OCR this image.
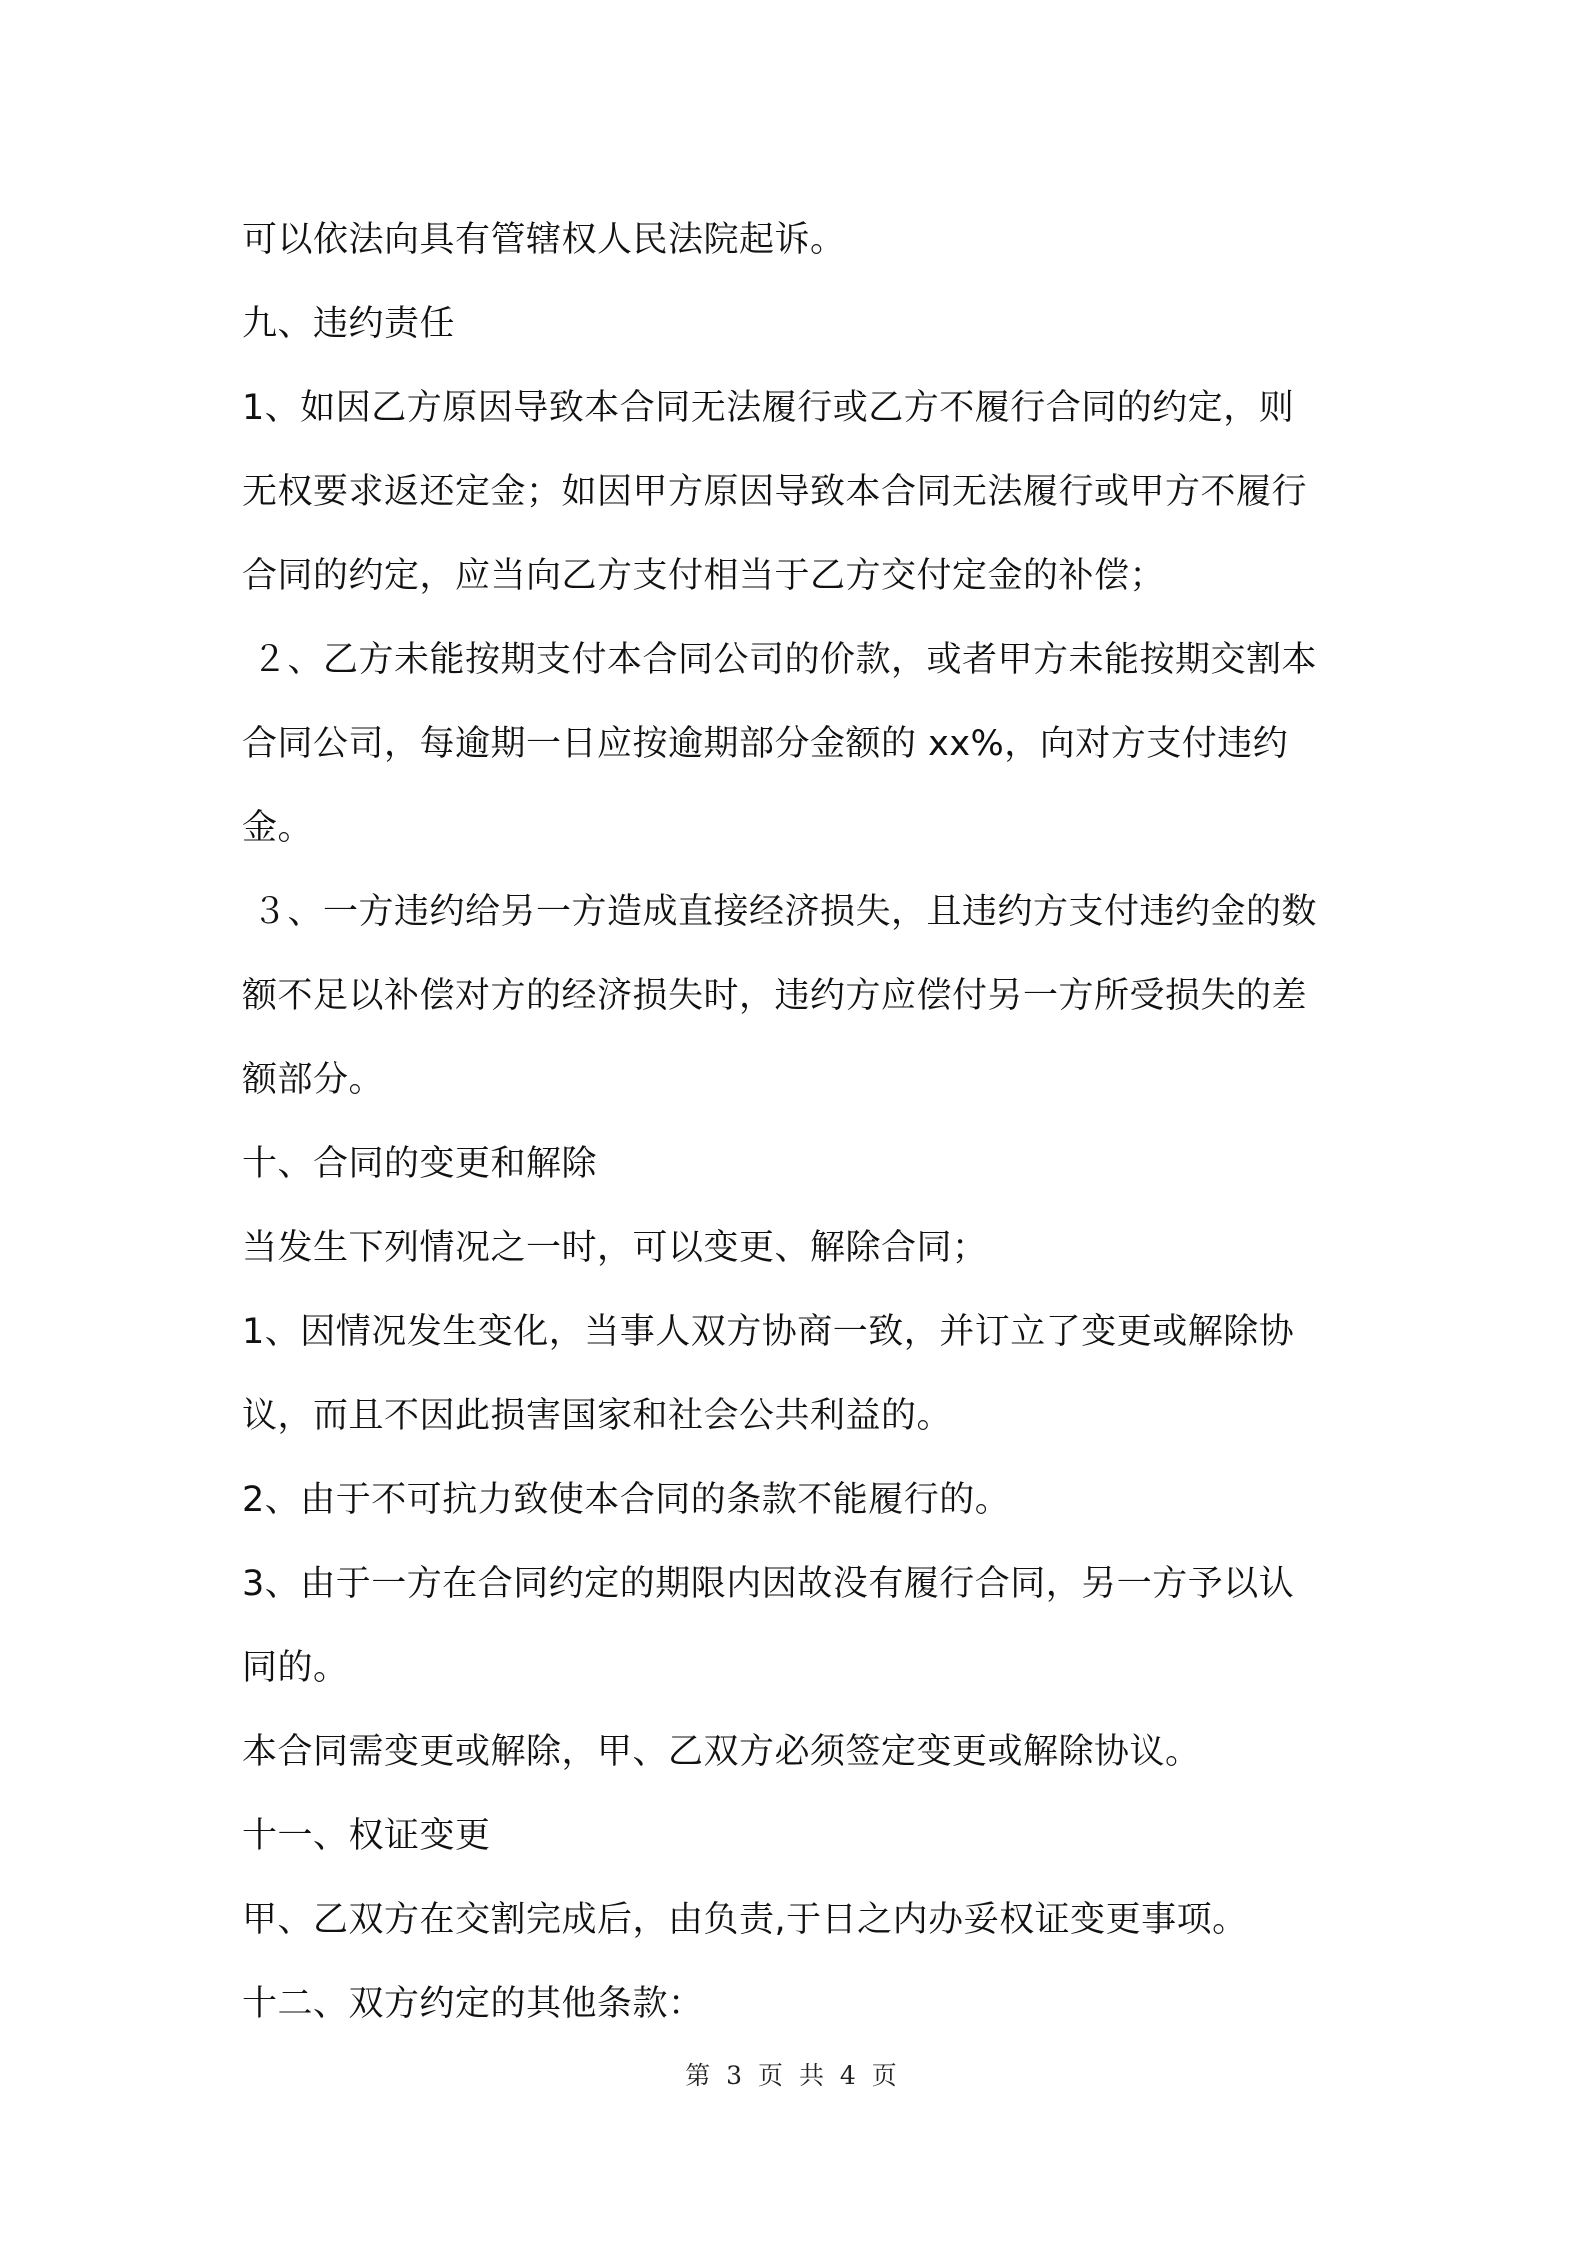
可以依法向具有管辖权人民法院起诉。
九、违约责任
1、如因乙方原因导致本合同无法履行或乙方不履行合同的约定，则
无权要求返还定金；如因甲方原因导致本合同无法履行或甲方不履行
合同的约定，应当向乙方支付相当于乙方交付定金的补偿；
２、乙方未能按期支付本合同公司的价款，或者甲方未能按期交割本
合同公司，每逾期一日应按逾期部分金额的 xx%，向对方支付违约
金。
３、一方违约给另一方造成直接经济损失，且违约方支付违约金的数
额不足以补偿对方的经济损失时，违约方应偿付另一方所受损失的差
额部分。
十、合同的变更和解除
当发生下列情况之一时，可以变更、解除合同；
1、因情况发生变化，当事人双方协商一致，并订立了变更或解除协
议，而且不因此损害国家和社会公共利益的。
2、由于不可抗力致使本合同的条款不能履行的。
3、由于一方在合同约定的期限内因故没有履行合同，另一方予以认
同的。
本合同需变更或解除，甲、乙双方必须签定变更或解除协议。
十一、权证变更
甲、乙双方在交割完成后，由负责,于日之内办妥权证变更事项。
十二、双方约定的其他条款：
第 3 页 共 4 页
